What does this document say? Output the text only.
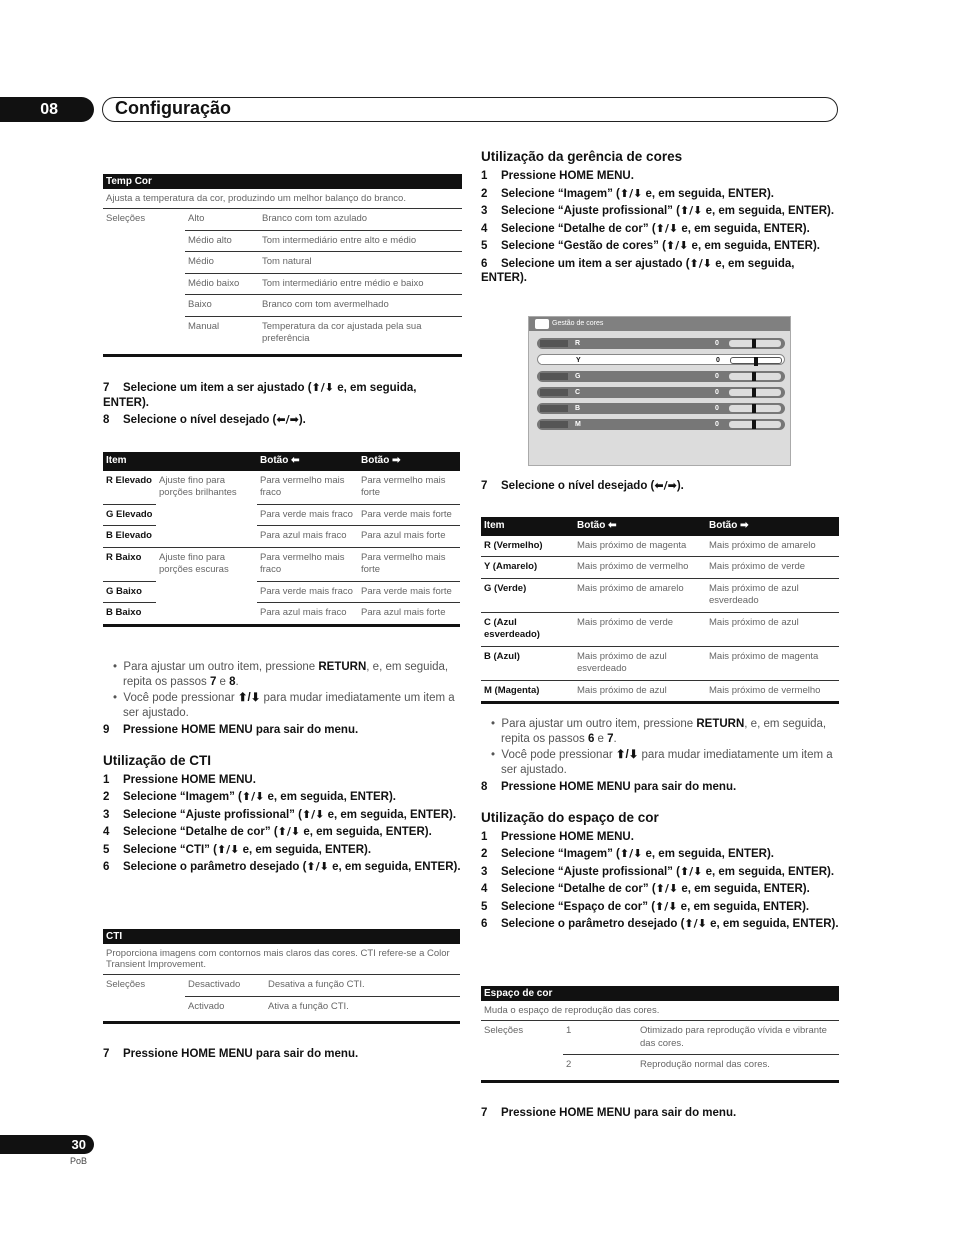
08	Configuração
Temp Cor
Ajusta a temperatura da cor, produzindo um melhor balanço do branco.
Seleções	Alto	Branco com tom azulado
	Médio alto	Tom intermediário entre alto e médio
	Médio	Tom natural
	Médio baixo	Tom intermediário entre médio e baixo
	Baixo	Branco com tom avermelhado
	Manual	Temperatura da cor ajustada pela sua preferência

7 Selecione um item a ser ajustado (⬆/⬇ e, em seguida, ENTER).

8 Selecione o nível desejado (⬅/➡).

Item		Botão ⬅	Botão ➡
R Elevado	Ajuste fino para porções brilhantes	Para vermelho mais fraco	Para vermelho mais forte
G Elevado		Para verde mais fraco	Para verde mais forte
B Elevado		Para azul mais fraco	Para azul mais forte
R Baixo	Ajuste fino para porções escuras	Para vermelho mais fraco	Para vermelho mais forte
G Baixo		Para verde mais fraco	Para verde mais forte
B Baixo		Para azul mais fraco	Para azul mais forte

•  Para ajustar um outro item, pressione RETURN, e, em seguida, repita os passos 7 e 8.

•  Você pode pressionar ⬆/⬇ para mudar imediatamente um item a ser ajustado.

9 Pressione HOME MENU para sair do menu.

Utilização de CTI

1 Pressione HOME MENU.

2 Selecione “Imagem” (⬆/⬇ e, em seguida, ENTER).

3 Selecione “Ajuste profissional” (⬆/⬇ e, em seguida, ENTER).

4 Selecione “Detalhe de cor” (⬆/⬇ e, em seguida, ENTER).

5 Selecione “CTI” (⬆/⬇ e, em seguida, ENTER).

6 Selecione o parâmetro desejado (⬆/⬇ e, em seguida, ENTER).

CTI
Proporciona imagens com contornos mais claros das cores. CTI refere-se a Color Transient Improvement.
Seleções	Desactivado	Desativa a função CTI.
	Activado	Ativa a função CTI.

7 Pressione HOME MENU para sair do menu.

Utilização da gerência de cores

1 Pressione HOME MENU.

2 Selecione “Imagem” (⬆/⬇ e, em seguida, ENTER).

3 Selecione “Ajuste profissional” (⬆/⬇ e, em seguida, ENTER).

4 Selecione “Detalhe de cor” (⬆/⬇ e, em seguida, ENTER).

5 Selecione “Gestão de cores” (⬆/⬇ e, em seguida, ENTER).

6 Selecione um item a ser ajustado (⬆/⬇ e, em seguida, ENTER).

Gestão de cores
R	0
Y	0
G	0
C	0
B	0
M	0

7 Selecione o nível desejado (⬅/➡).

Item	Botão ⬅	Botão ➡
R (Vermelho)	Mais próximo de magenta	Mais próximo de amarelo
Y (Amarelo)	Mais próximo de vermelho	Mais próximo de verde
G (Verde)	Mais próximo de amarelo	Mais próximo de azul esverdeado
C (Azul esverdeado)	Mais próximo de verde	Mais próximo de azul
B (Azul)	Mais próximo de azul esverdeado	Mais próximo de magenta
M (Magenta)	Mais próximo de azul	Mais próximo de vermelho

•  Para ajustar um outro item, pressione RETURN, e, em seguida, repita os passos 6 e 7.

•  Você pode pressionar ⬆/⬇ para mudar imediatamente um item a ser ajustado.

8 Pressione HOME MENU para sair do menu.

Utilização do espaço de cor

1 Pressione HOME MENU.

2 Selecione “Imagem” (⬆/⬇ e, em seguida, ENTER).

3 Selecione “Ajuste profissional” (⬆/⬇ e, em seguida, ENTER).

4 Selecione “Detalhe de cor” (⬆/⬇ e, em seguida, ENTER).

5 Selecione “Espaço de cor” (⬆/⬇ e, em seguida, ENTER).

6 Selecione o parâmetro desejado (⬆/⬇ e, em seguida, ENTER).

Espaço de cor
Muda o espaço de reprodução das cores.
Seleções	1	Otimizado para reprodução vívida e vibrante das cores.
	2	Reprodução normal das cores.

7 Pressione HOME MENU para sair do menu.

30
PoB
